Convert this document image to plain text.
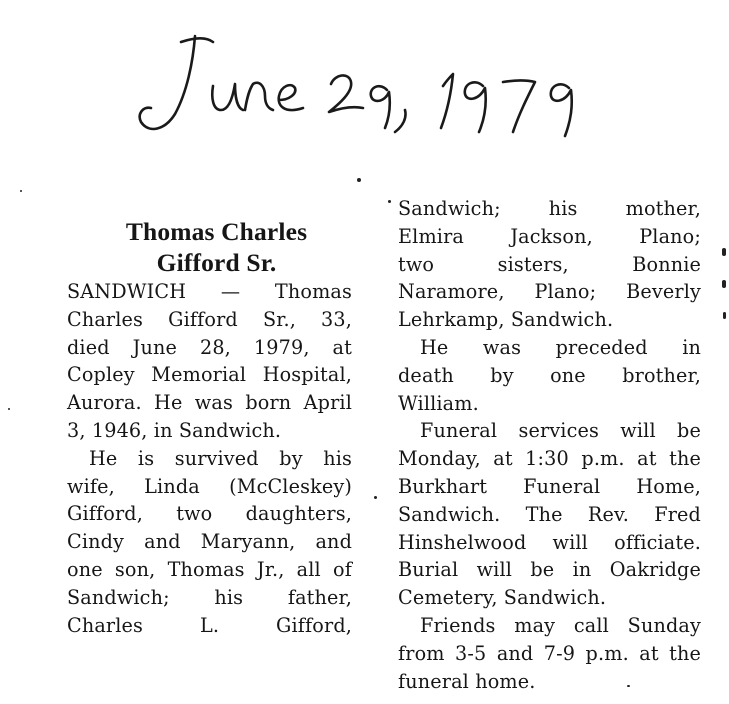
Thomas Charles
Gifford Sr.

SANDWICH — Thomas
Charles Gifford Sr., 33,
died June 28, 1979, at
Copley Memorial Hospital,
Aurora. He was born April
3, 1946, in Sandwich.

He is survived by his
wife, Linda (McCleskey)
Gifford, two daughters,
Cindy and Maryann, and
one son, Thomas Jr., all of
Sandwich; his father,
Charles L. Gifford,

Sandwich; his mother,
Elmira Jackson, Plano;
two sisters, Bonnie
Naramore, Plano; Beverly
Lehrkamp, Sandwich.

He was preceded in
death by one brother,
William.

Funeral services will be
Monday, at 1:30 p.m. at the
Burkhart Funeral Home,
Sandwich. The Rev. Fred
Hinshelwood will officiate.
Burial will be in Oakridge
Cemetery, Sandwich.

Friends may call Sunday
from 3-5 and 7-9 p.m. at the
funeral home.
